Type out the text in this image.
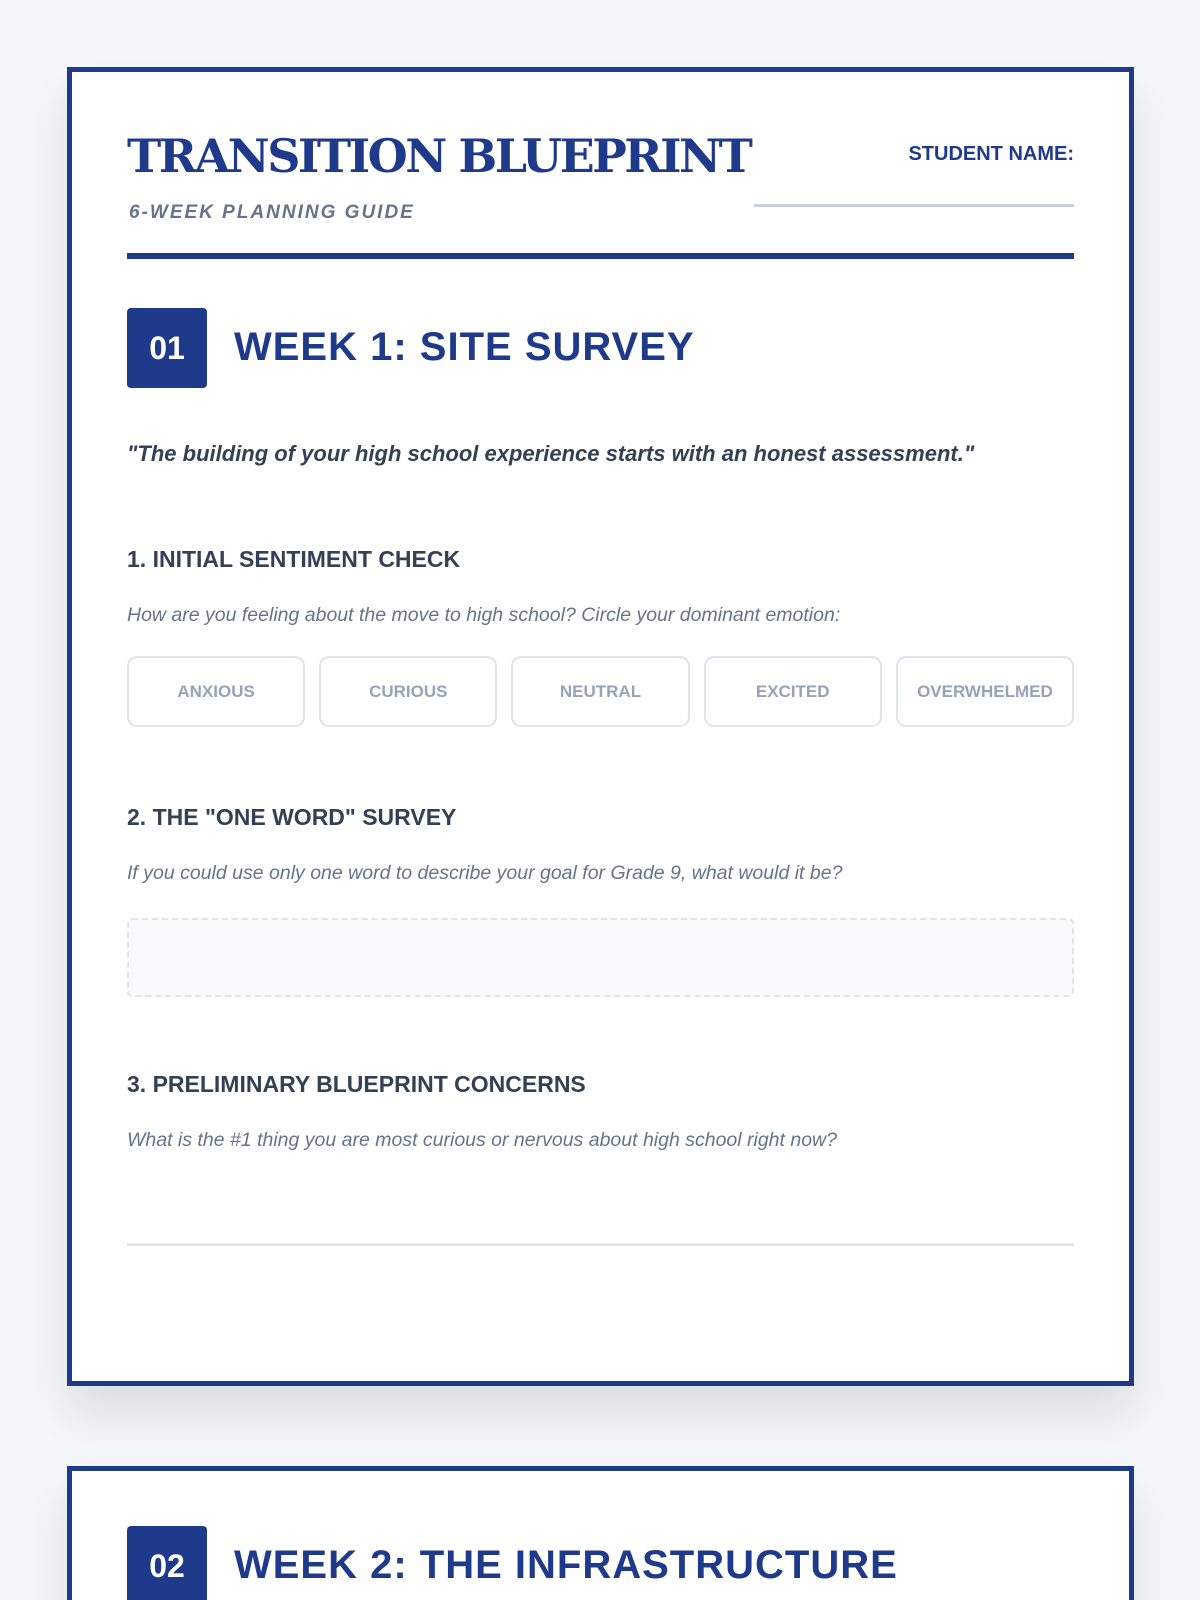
TRANSITION BLUEPRINT
6-WEEK PLANNING GUIDE
STUDENT NAME:
01	WEEK 1: SITE SURVEY
"The building of your high school experience starts with an honest assessment."
1. INITIAL SENTIMENT CHECK
How are you feeling about the move to high school? Circle your dominant emotion:
ANXIOUS	CURIOUS	NEUTRAL	EXCITED	OVERWHELMED
2. THE "ONE WORD" SURVEY
If you could use only one word to describe your goal for Grade 9, what would it be?
3. PRELIMINARY BLUEPRINT CONCERNS
What is the #1 thing you are most curious or nervous about high school right now?
02	WEEK 2: THE INFRASTRUCTURE
